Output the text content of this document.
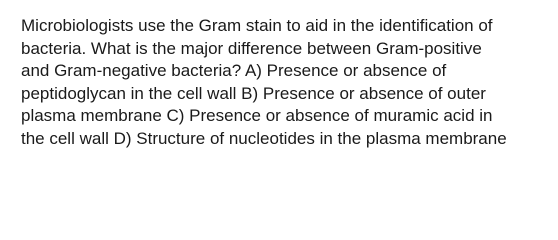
Microbiologists use the Gram stain to aid in the identification of
bacteria. What is the major difference between Gram-positive
and Gram-negative bacteria? A) Presence or absence of
peptidoglycan in the cell wall B) Presence or absence of outer
plasma membrane C) Presence or absence of muramic acid in
the cell wall D) Structure of nucleotides in the plasma membrane
